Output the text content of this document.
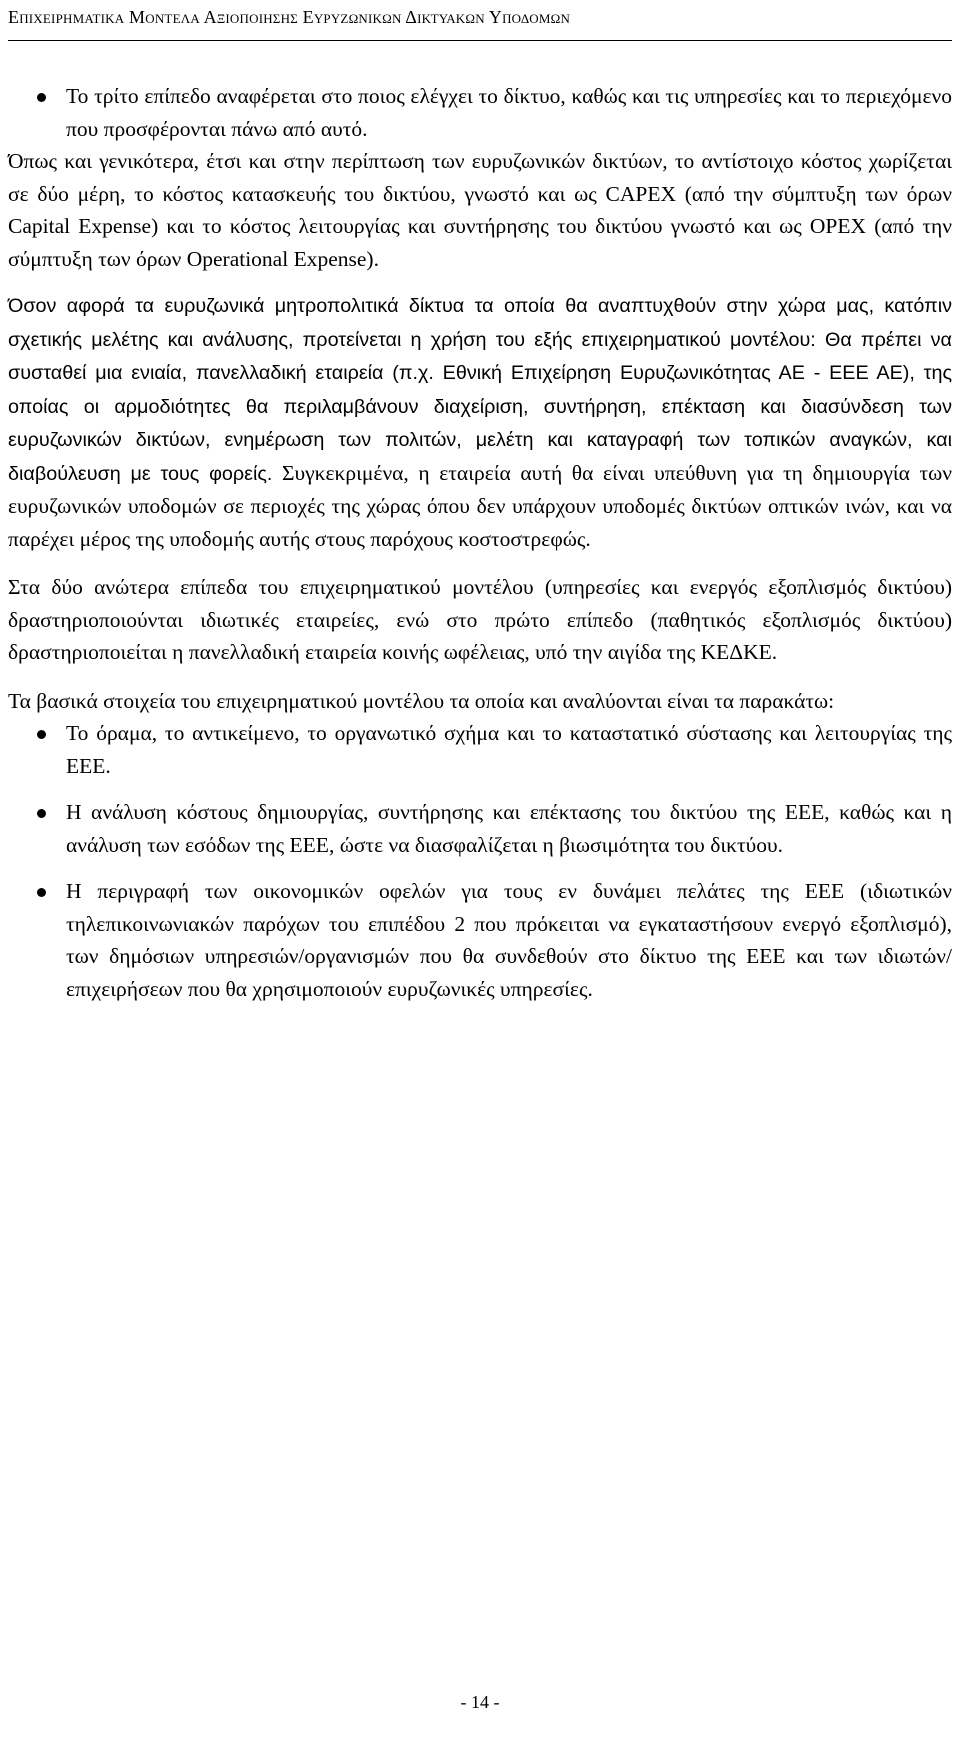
Επιχειρηματικα Μοντελα Αξιοποιησης Ευρυζωνικων Δικτυακων Υποδομων
Το τρίτο επίπεδο αναφέρεται στο ποιος ελέγχει το δίκτυο, καθώς και τις υπηρεσίες και το περιεχόμενο που προσφέρονται πάνω από αυτό.

Όπως και γενικότερα, έτσι και στην περίπτωση των ευρυζωνικών δικτύων, το αντίστοιχο κόστος χωρίζεται σε δύο μέρη, το κόστος κατασκευής του δικτύου, γνωστό και ως CAPEX (από την σύμπτυξη των όρων Capital Expense) και το κόστος λειτουργίας και συντήρησης του δικτύου γνωστό και ως OPEX (από την σύμπτυξη των όρων Operational Expense).

Όσον αφορά τα ευρυζωνικά μητροπολιτικά δίκτυα τα οποία θα αναπτυχθούν στην χώρα μας, κατόπιν σχετικής μελέτης και ανάλυσης, προτείνεται η χρήση του εξής επιχειρηματικού μοντέλου: Θα πρέπει να συσταθεί μια ενιαία, πανελλαδική εταιρεία (π.χ. Εθνική Επιχείρηση Ευρυζωνικότητας ΑΕ - ΕΕΕ ΑΕ), της οποίας οι αρμοδιότητες θα περιλαμβάνουν διαχείριση, συντήρηση, επέκταση και διασύνδεση των ευρυζωνικών δικτύων, ενημέρωση των πολιτών, μελέτη και καταγραφή των τοπικών αναγκών, και διαβούλευση με τους φορείς. Συγκεκριμένα, η εταιρεία αυτή θα είναι υπεύθυνη για τη δημιουργία των ευρυζωνικών υποδομών σε περιοχές της χώρας όπου δεν υπάρχουν υποδομές δικτύων οπτικών ινών, και να παρέχει μέρος της υποδομής αυτής στους παρόχους κοστοστρεφώς.

Στα δύο ανώτερα επίπεδα του επιχειρηματικού μοντέλου (υπηρεσίες και ενεργός εξοπλισμός δικτύου) δραστηριοποιούνται ιδιωτικές εταιρείες, ενώ στο πρώτο επίπεδο (παθητικός εξοπλισμός δικτύου) δραστηριοποιείται η πανελλαδική εταιρεία κοινής ωφέλειας, υπό την αιγίδα της ΚΕΔΚΕ.

Τα βασικά στοιχεία του επιχειρηματικού μοντέλου τα οποία και αναλύονται είναι τα παρακάτω:

Το όραμα, το αντικείμενο, το οργανωτικό σχήμα και το καταστατικό σύστασης και λειτουργίας της ΕΕΕ.
Η ανάλυση κόστους δημιουργίας, συντήρησης και επέκτασης του δικτύου της ΕΕΕ, καθώς και η ανάλυση των εσόδων της ΕΕΕ, ώστε να διασφαλίζεται η βιωσιμότητα του δικτύου.
Η περιγραφή των οικονομικών οφελών για τους εν δυνάμει πελάτες της ΕΕΕ (ιδιωτικών τηλεπικοινωνιακών παρόχων του επιπέδου 2 που πρόκειται να εγκαταστήσουν ενεργό εξοπλισμό), των δημόσιων υπηρεσιών/οργανισμών που θα συνδεθούν στο δίκτυο της ΕΕΕ και των ιδιωτών/επιχειρήσεων που θα χρησιμοποιούν ευρυζωνικές υπηρεσίες.
- 14 -
